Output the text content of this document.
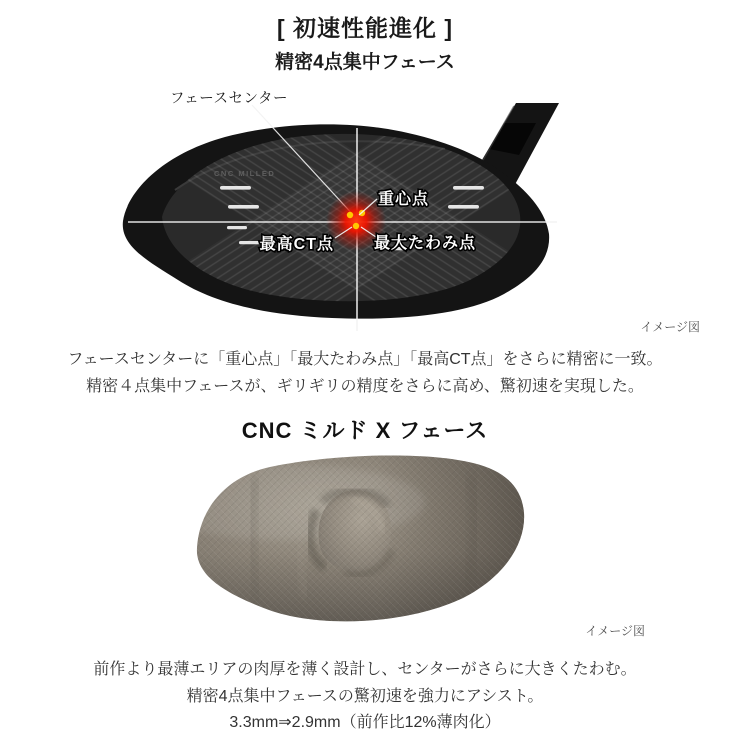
[ 初速性能進化 ]
精密4点集中フェース
フェースセンター
CNC MILLED
重心点
最高CT点	最大たわみ点
イメージ図

フェースセンターに「重心点」「最大たわみ点」「最高CT点」をさらに精密に一致。
精密４点集中フェースが、ギリギリの精度をさらに高め、驚初速を実現した。

CNC ミルド X フェース
イメージ図

前作より最薄エリアの肉厚を薄く設計し、センターがさらに大きくたわむ。
精密4点集中フェースの驚初速を強力にアシスト。
3.3mm⇒2.9mm（前作比12%薄肉化）
